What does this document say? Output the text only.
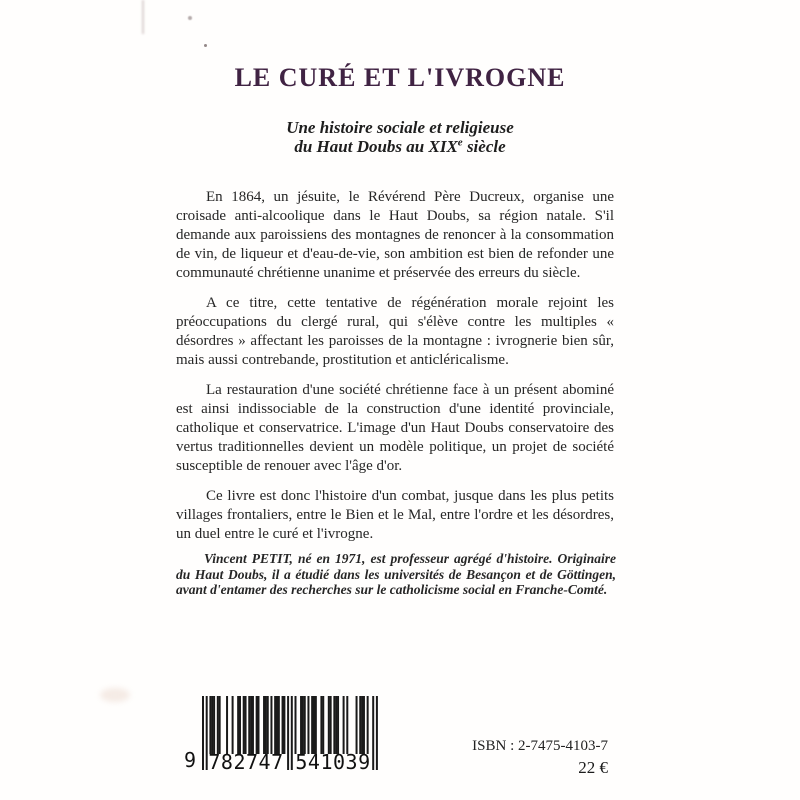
LE CURÉ ET L'IVROGNE
Une histoire sociale et religieuse
du Haut Doubs au XIXe siècle

En 1864, un jésuite, le Révérend Père Ducreux, organise une croisade anti-alcoolique dans le Haut Doubs, sa région natale. S'il demande aux paroissiens des montagnes de renoncer à la consommation de vin, de liqueur et d'eau-de-vie, son ambition est bien de refonder une communauté chrétienne unanime et préservée des erreurs du siècle.

A ce titre, cette tentative de régénération morale rejoint les préoccupations du clergé rural, qui s'élève contre les multiples « désordres » affectant les paroisses de la montagne : ivrognerie bien sûr, mais aussi contrebande, prostitution et anticléricalisme.

La restauration d'une société chrétienne face à un présent abominé est ainsi indissociable de la construction d'une identité provinciale, catholique et conservatrice. L'image d'un Haut Doubs conservatoire des vertus traditionnelles devient un modèle politique, un projet de société susceptible de renouer avec l'âge d'or.

Ce livre est donc l'histoire d'un combat, jusque dans les plus petits villages frontaliers, entre le Bien et le Mal, entre l'ordre et les désordres, un duel entre le curé et l'ivrogne.

Vincent PETIT, né en 1971, est professeur agrégé d'histoire. Originaire du Haut Doubs, il a étudié dans les universités de Besançon et de Göttingen, avant d'entamer des recherches sur le catholicisme social en Franche-Comté.
9 782747 541039

ISBN : 2-7475-4103-7

22 €
